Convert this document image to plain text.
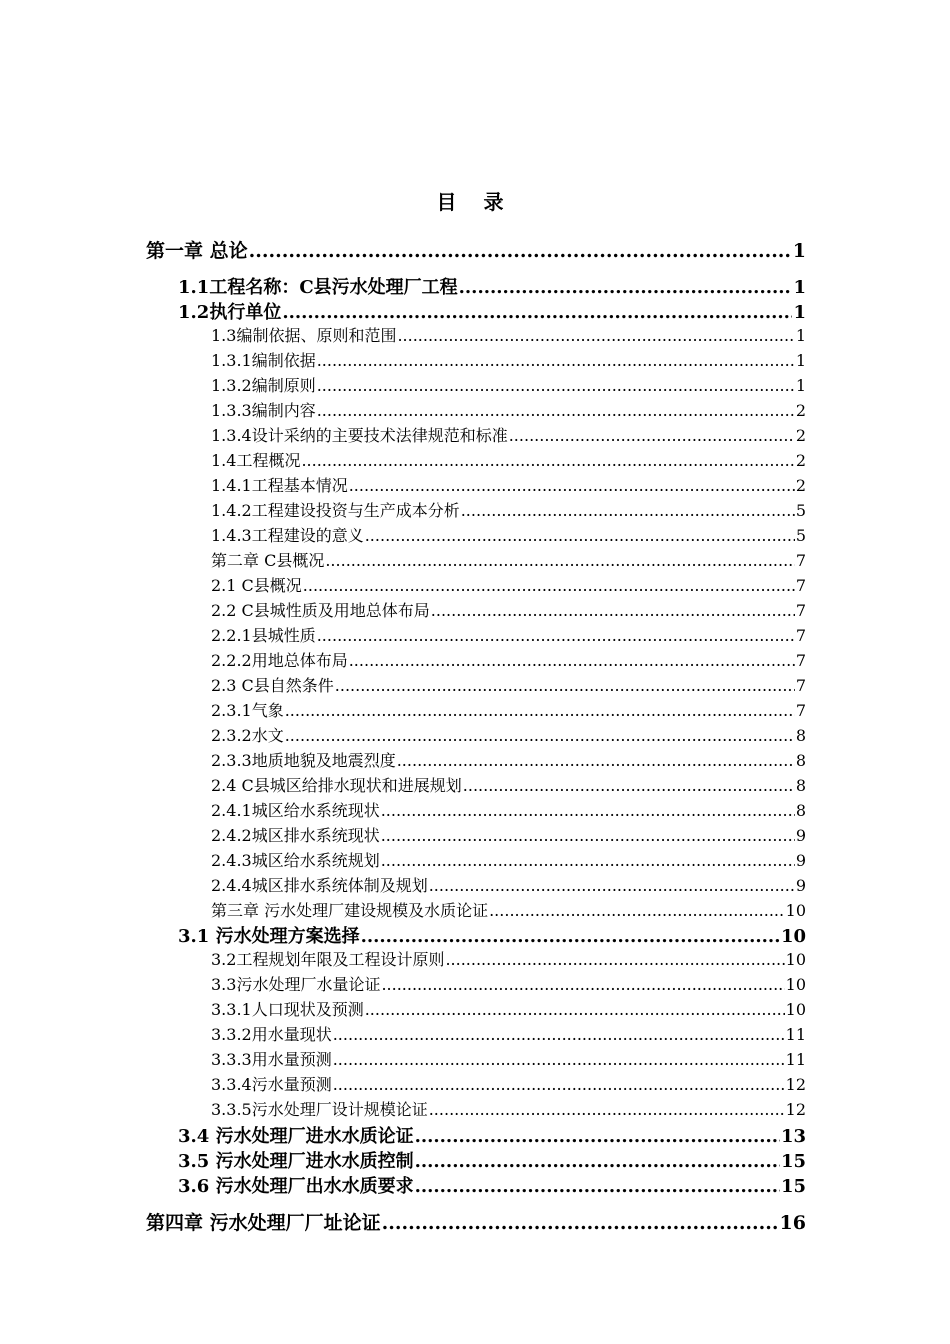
目 录
第一章 总论 .....	1
1.1工程名称：C县污水处理厂工程 .....	1
1.2执行单位 .....	1
1.3编制依据、原则和范围 .....	1
1.3.1编制依据 .....	1
1.3.2编制原则 .....	1
1.3.3编制内容 .....	2
1.3.4设计采纳的主要技术法律规范和标准 .....	2
1.4工程概况 .....	2
1.4.1工程基本情况 .....	2
1.4.2工程建设投资与生产成本分析 .....	5
1.4.3工程建设的意义 .....	5
第二章 C县概况 .....	7
2.1 C县概况 .....	7
2.2 C县城性质及用地总体布局 .....	7
2.2.1县城性质 .....	7
2.2.2用地总体布局 .....	7
2.3 C县自然条件 .....	7
2.3.1气象 .....	7
2.3.2水文 .....	8
2.3.3地质地貌及地震烈度 .....	8
2.4 C县城区给排水现状和进展规划 .....	8
2.4.1城区给水系统现状 .....	8
2.4.2城区排水系统现状 .....	9
2.4.3城区给水系统规划 .....	9
2.4.4城区排水系统体制及规划 .....	9
第三章 污水处理厂建设规模及水质论证 .....	10
3.1 污水处理方案选择 .....	10
3.2工程规划年限及工程设计原则 .....	10
3.3污水处理厂水量论证 .....	10
3.3.1人口现状及预测 .....	10
3.3.2用水量现状 .....	11
3.3.3用水量预测 .....	11
3.3.4污水量预测 .....	12
3.3.5污水处理厂设计规模论证 .....	12
3.4 污水处理厂进水水质论证 .....	13
3.5 污水处理厂进水水质控制 .....	15
3.6 污水处理厂出水水质要求 .....	15
第四章 污水处理厂厂址论证 .....	16
